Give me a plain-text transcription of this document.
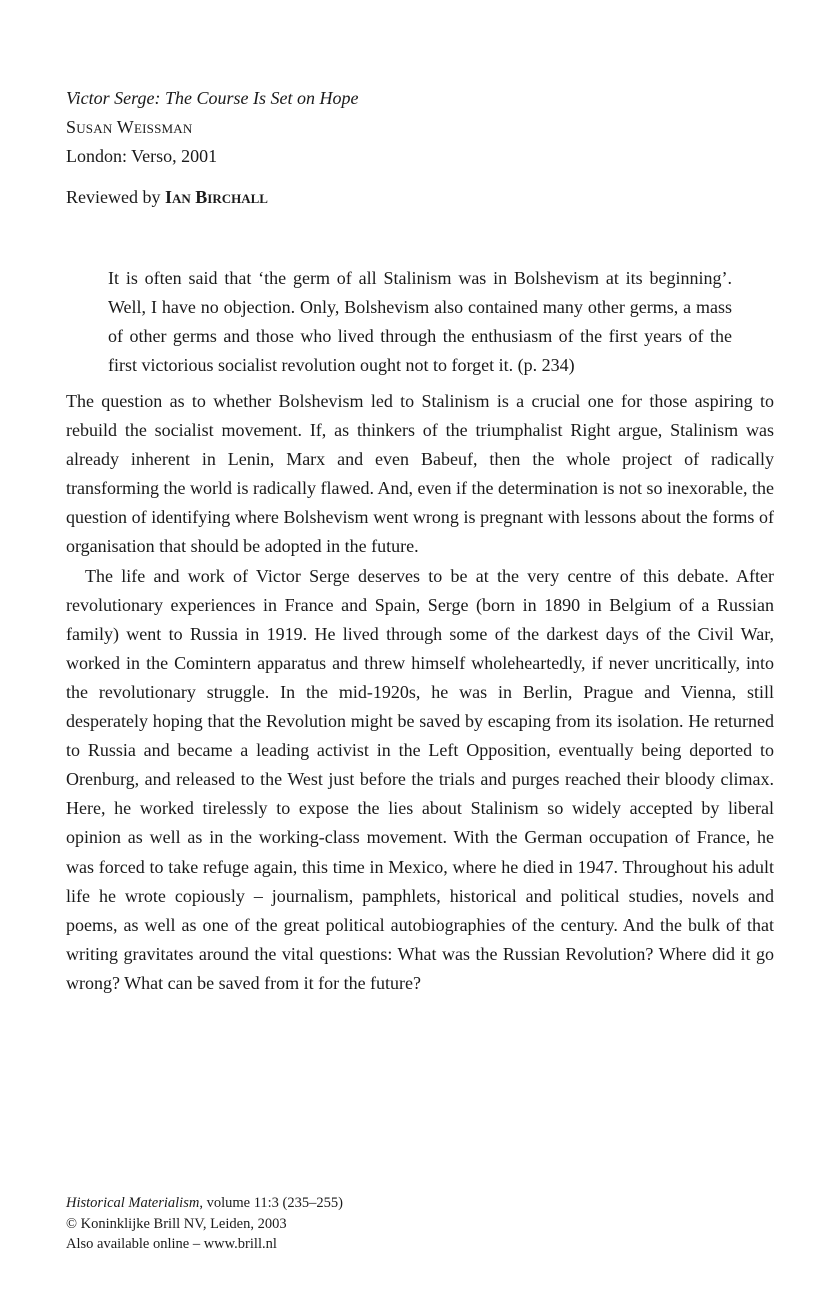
Victor Serge: The Course Is Set on Hope

Susan Weissman

London: Verso, 2001

Reviewed by Ian Birchall

It is often said that ‘the germ of all Stalinism was in Bolshevism at its beginning’. Well, I have no objection. Only, Bolshevism also contained many other germs, a mass of other germs and those who lived through the enthusiasm of the first years of the first victorious socialist revolution ought not to forget it. (p. 234)

The question as to whether Bolshevism led to Stalinism is a crucial one for those aspiring to rebuild the socialist movement. If, as thinkers of the triumphalist Right argue, Stalinism was already inherent in Lenin, Marx and even Babeuf, then the whole project of radically transforming the world is radically flawed. And, even if the determination is not so inexorable, the question of identifying where Bolshevism went wrong is pregnant with lessons about the forms of organisation that should be adopted in the future.

The life and work of Victor Serge deserves to be at the very centre of this debate. After revolutionary experiences in France and Spain, Serge (born in 1890 in Belgium of a Russian family) went to Russia in 1919. He lived through some of the darkest days of the Civil War, worked in the Comintern apparatus and threw himself wholeheartedly, if never uncritically, into the revolutionary struggle. In the mid-1920s, he was in Berlin, Prague and Vienna, still desperately hoping that the Revolution might be saved by escaping from its isolation. He returned to Russia and became a leading activist in the Left Opposition, eventually being deported to Orenburg, and released to the West just before the trials and purges reached their bloody climax. Here, he worked tirelessly to expose the lies about Stalinism so widely accepted by liberal opinion as well as in the working-class movement. With the German occupation of France, he was forced to take refuge again, this time in Mexico, where he died in 1947. Throughout his adult life he wrote copiously – journalism, pamphlets, historical and political studies, novels and poems, as well as one of the great political autobiographies of the century. And the bulk of that writing gravitates around the vital questions: What was the Russian Revolution? Where did it go wrong? What can be saved from it for the future?

Historical Materialism, volume 11:3 (235–255)
© Koninklijke Brill NV, Leiden, 2003
Also available online – www.brill.nl
